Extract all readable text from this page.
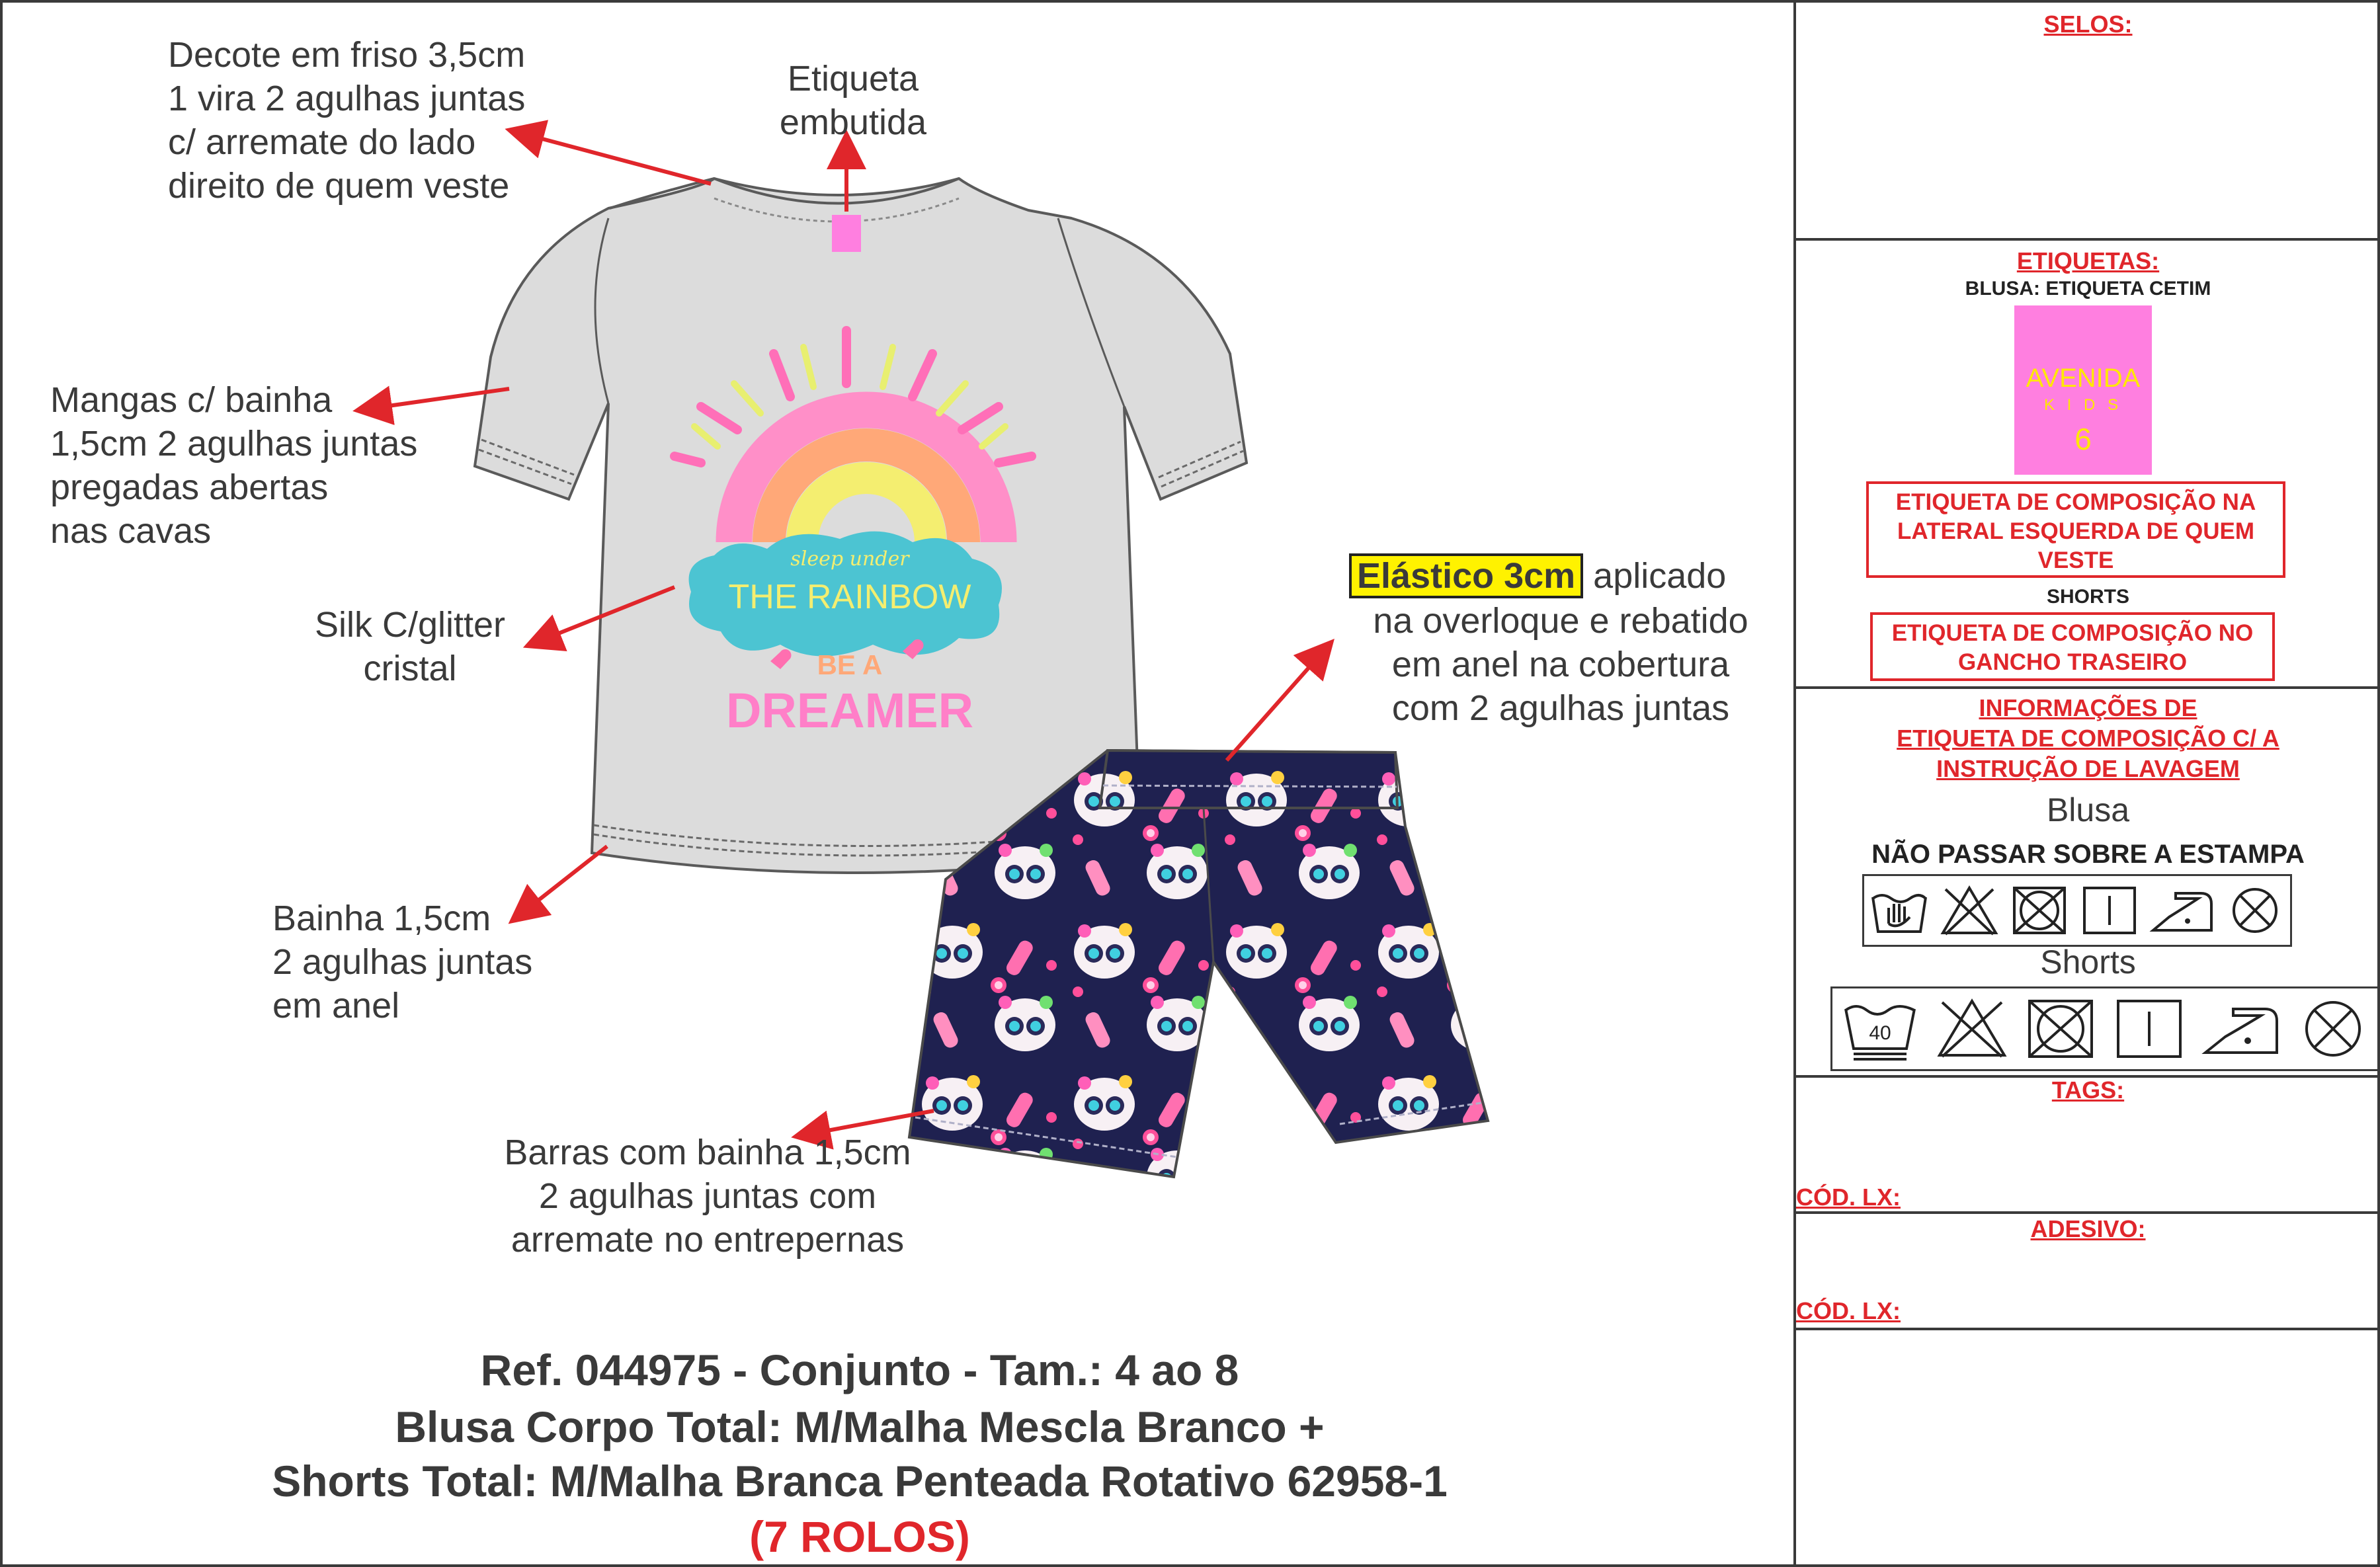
sleep under
THE RAINBOW
BE A
DREAMER
Decote em friso 3,5cm
1 vira 2 agulhas juntas
c/ arremate do lado
direito de quem veste
Etiqueta
embutida
Mangas c/ bainha
1,5cm 2 agulhas juntas
pregadas abertas
nas cavas
Silk C/glitter
cristal
Bainha 1,5cm
2 agulhas juntas
em anel
Barras com bainha 1,5cm
2 agulhas juntas com
arremate no entrepernas
Elástico 3cm aplicado
na overloque e rebatido
em anel na cobertura
com 2 agulhas juntas
Ref. 044975 - Conjunto - Tam.: 4 ao 8
Blusa Corpo Total: M/Malha Mescla Branco +
Shorts Total: M/Malha Branca Penteada Rotativo 62958-1
(7 ROLOS)
SELOS:
ETIQUETAS:
BLUSA: ETIQUETA CETIM
AVENIDA
K I D S
6
ETIQUETA DE COMPOSIÇÃO NA LATERAL ESQUERDA DE QUEM VESTE
SHORTS
ETIQUETA DE COMPOSIÇÃO NO GANCHO TRASEIRO
INFORMAÇÕES DE
ETIQUETA DE COMPOSIÇÃO C/ A
INSTRUÇÃO DE LAVAGEM
Blusa
NÃO PASSAR SOBRE A ESTAMPA
Shorts
40
TAGS:
CÓD. LX:
ADESIVO:
CÓD. LX:
